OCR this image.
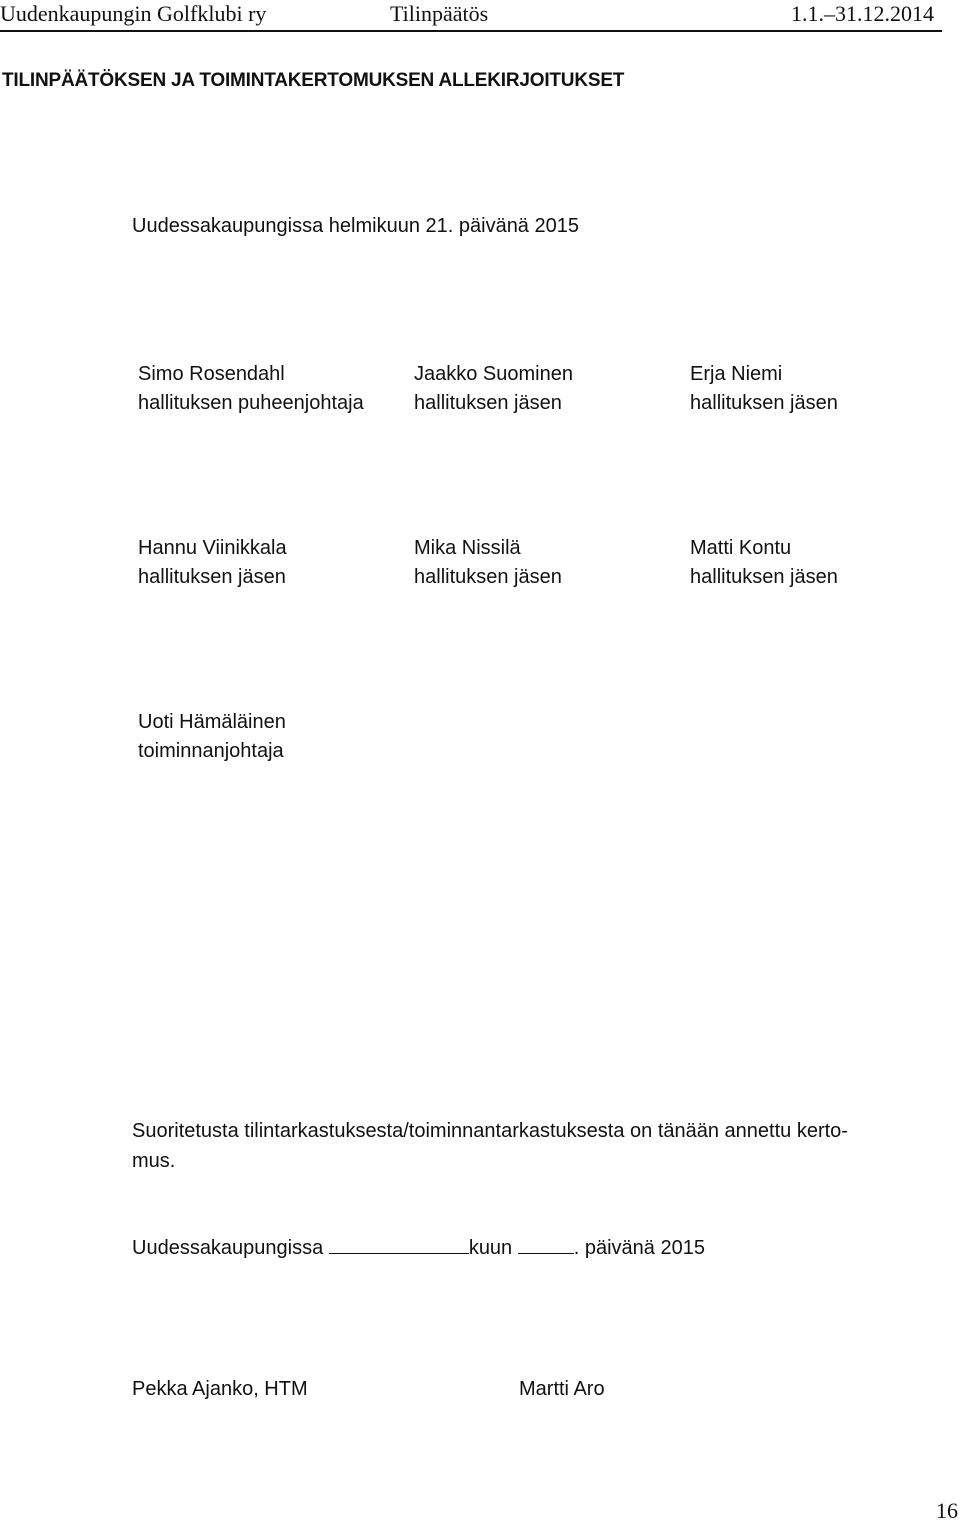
Uudenkaupungin Golfklubi ry	Tilinpäätös	1.1.–31.12.2014
TILINPÄÄTÖKSEN JA TOIMINTAKERTOMUKSEN ALLEKIRJOITUKSET
Uudessakaupungissa helmikuun 21. päivänä 2015
Simo Rosendahl
hallituksen puheenjohtaja
Jaakko Suominen
hallituksen jäsen
Erja Niemi
hallituksen jäsen
Hannu Viinikkala
hallituksen jäsen
Mika Nissilä
hallituksen jäsen
Matti Kontu
hallituksen jäsen
Uoti Hämäläinen
toiminnanjohtaja
Suoritetusta tilintarkastuksesta/toiminnantarkastuksesta on tänään annettu kerto-
mus.
Uudessakaupungissa	kuun	. päivänä 2015
Pekka Ajanko, HTM	Martti Aro
16
